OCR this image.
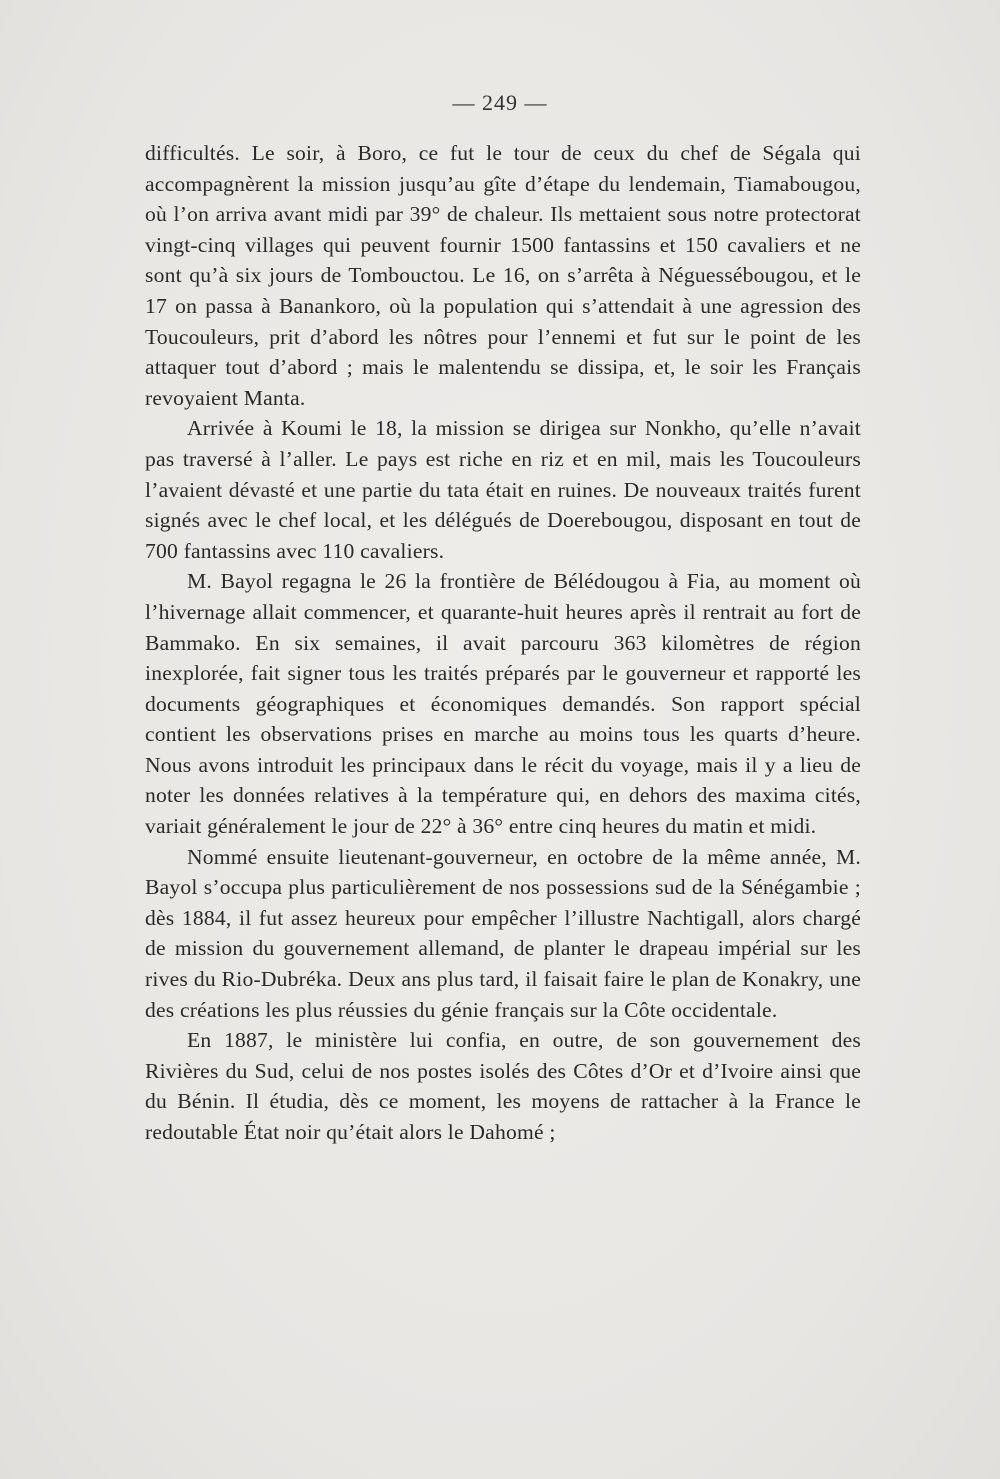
— 249 —

difficultés. Le soir, à Boro, ce fut le tour de ceux du chef de Ségala qui accompagnèrent la mission jusqu’au gîte d’étape du lendemain, Tiamabougou, où l’on arriva avant midi par 39° de chaleur. Ils mettaient sous notre protectorat vingt-cinq villages qui peuvent fournir 1500 fantassins et 150 cavaliers et ne sont qu’à six jours de Tombouctou. Le 16, on s’arrêta à Néguessébougou, et le 17 on passa à Banankoro, où la population qui s’attendait à une agression des Toucouleurs, prit d’abord les nôtres pour l’ennemi et fut sur le point de les attaquer tout d’abord ; mais le malentendu se dissipa, et, le soir les Français revoyaient Manta.

Arrivée à Koumi le 18, la mission se dirigea sur Nonkho, qu’elle n’avait pas traversé à l’aller. Le pays est riche en riz et en mil, mais les Toucouleurs l’avaient dévasté et une partie du tata était en ruines. De nouveaux traités furent signés avec le chef local, et les délégués de Doerebougou, disposant en tout de 700 fantassins avec 110 cavaliers.

M. Bayol regagna le 26 la frontière de Bélédougou à Fia, au moment où l’hivernage allait commencer, et quarante-huit heures après il rentrait au fort de Bammako. En six semaines, il avait parcouru 363 kilomètres de région inexplorée, fait signer tous les traités préparés par le gouverneur et rapporté les documents géographiques et économiques demandés. Son rapport spécial contient les observations prises en marche au moins tous les quarts d’heure. Nous avons introduit les principaux dans le récit du voyage, mais il y a lieu de noter les données relatives à la température qui, en dehors des maxima cités, variait généralement le jour de 22° à 36° entre cinq heures du matin et midi.

Nommé ensuite lieutenant-gouverneur, en octobre de la même année, M. Bayol s’occupa plus particulièrement de nos possessions sud de la Sénégambie ; dès 1884, il fut assez heureux pour empêcher l’illustre Nachtigall, alors chargé de mission du gouvernement allemand, de planter le drapeau impérial sur les rives du Rio-Dubréka. Deux ans plus tard, il faisait faire le plan de Konakry, une des créations les plus réussies du génie français sur la Côte occidentale.

En 1887, le ministère lui confia, en outre, de son gouvernement des Rivières du Sud, celui de nos postes isolés des Côtes d’Or et d’Ivoire ainsi que du Bénin. Il étudia, dès ce moment, les moyens de rattacher à la France le redoutable État noir qu’était alors le Dahomé ;
